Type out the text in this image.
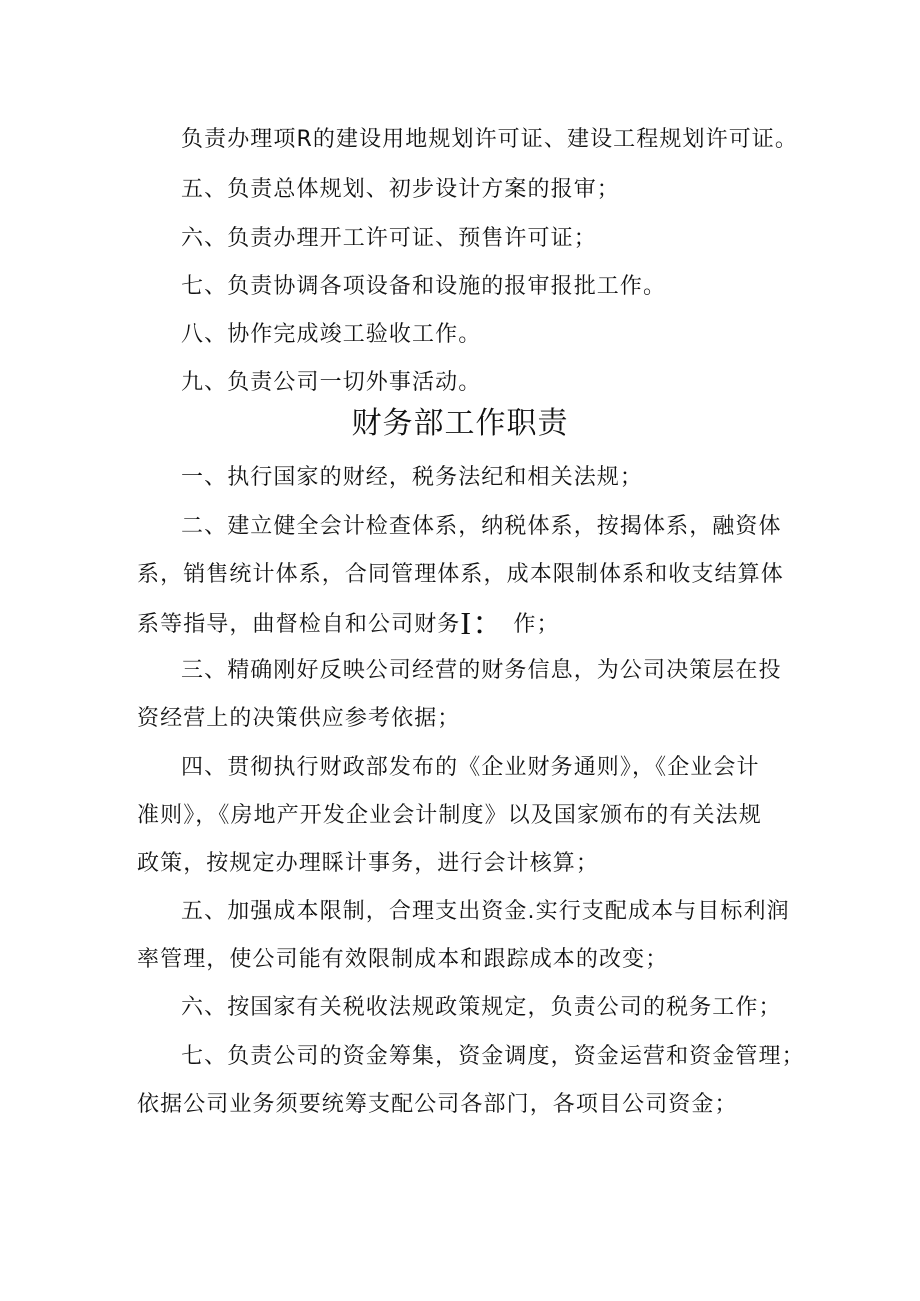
负责办理项R的建设用地规划许可证、建设工程规划许可证。
五、负责总体规划、初步设计方案的报审；
六、负责办理开工许可证、预售许可证；
七、负责协调各项设备和设施的报审报批工作。
八、协作完成竣工验收工作。
九、负责公司一切外事活动。
财务部工作职责
一、执行国家的财经，税务法纪和相关法规；
二、建立健全会计检查体系，纳税体系，按揭体系，融资体
系，销售统计体系，合同管理体系，成本限制体系和收支结算体
系等指导，曲督检自和公司财务I： 作；
三、精确刚好反映公司经营的财务信息，为公司决策层在投
资经营上的决策供应参考依据；
四、贯彻执行财政部发布的《企业财务通则》，《企业会计
准则》，《房地产开发企业会计制度》以及国家颁布的有关法规
政策，按规定办理睬计事务，进行会计核算；
五、加强成本限制，合理支出资金.实行支配成本与目标利润
率管理，使公司能有效限制成本和跟踪成本的改变；
六、按国家有关税收法规政策规定，负责公司的税务工作；
七、负责公司的资金筹集，资金调度，资金运营和资金管理；
依据公司业务须要统筹支配公司各部门，各项目公司资金；
